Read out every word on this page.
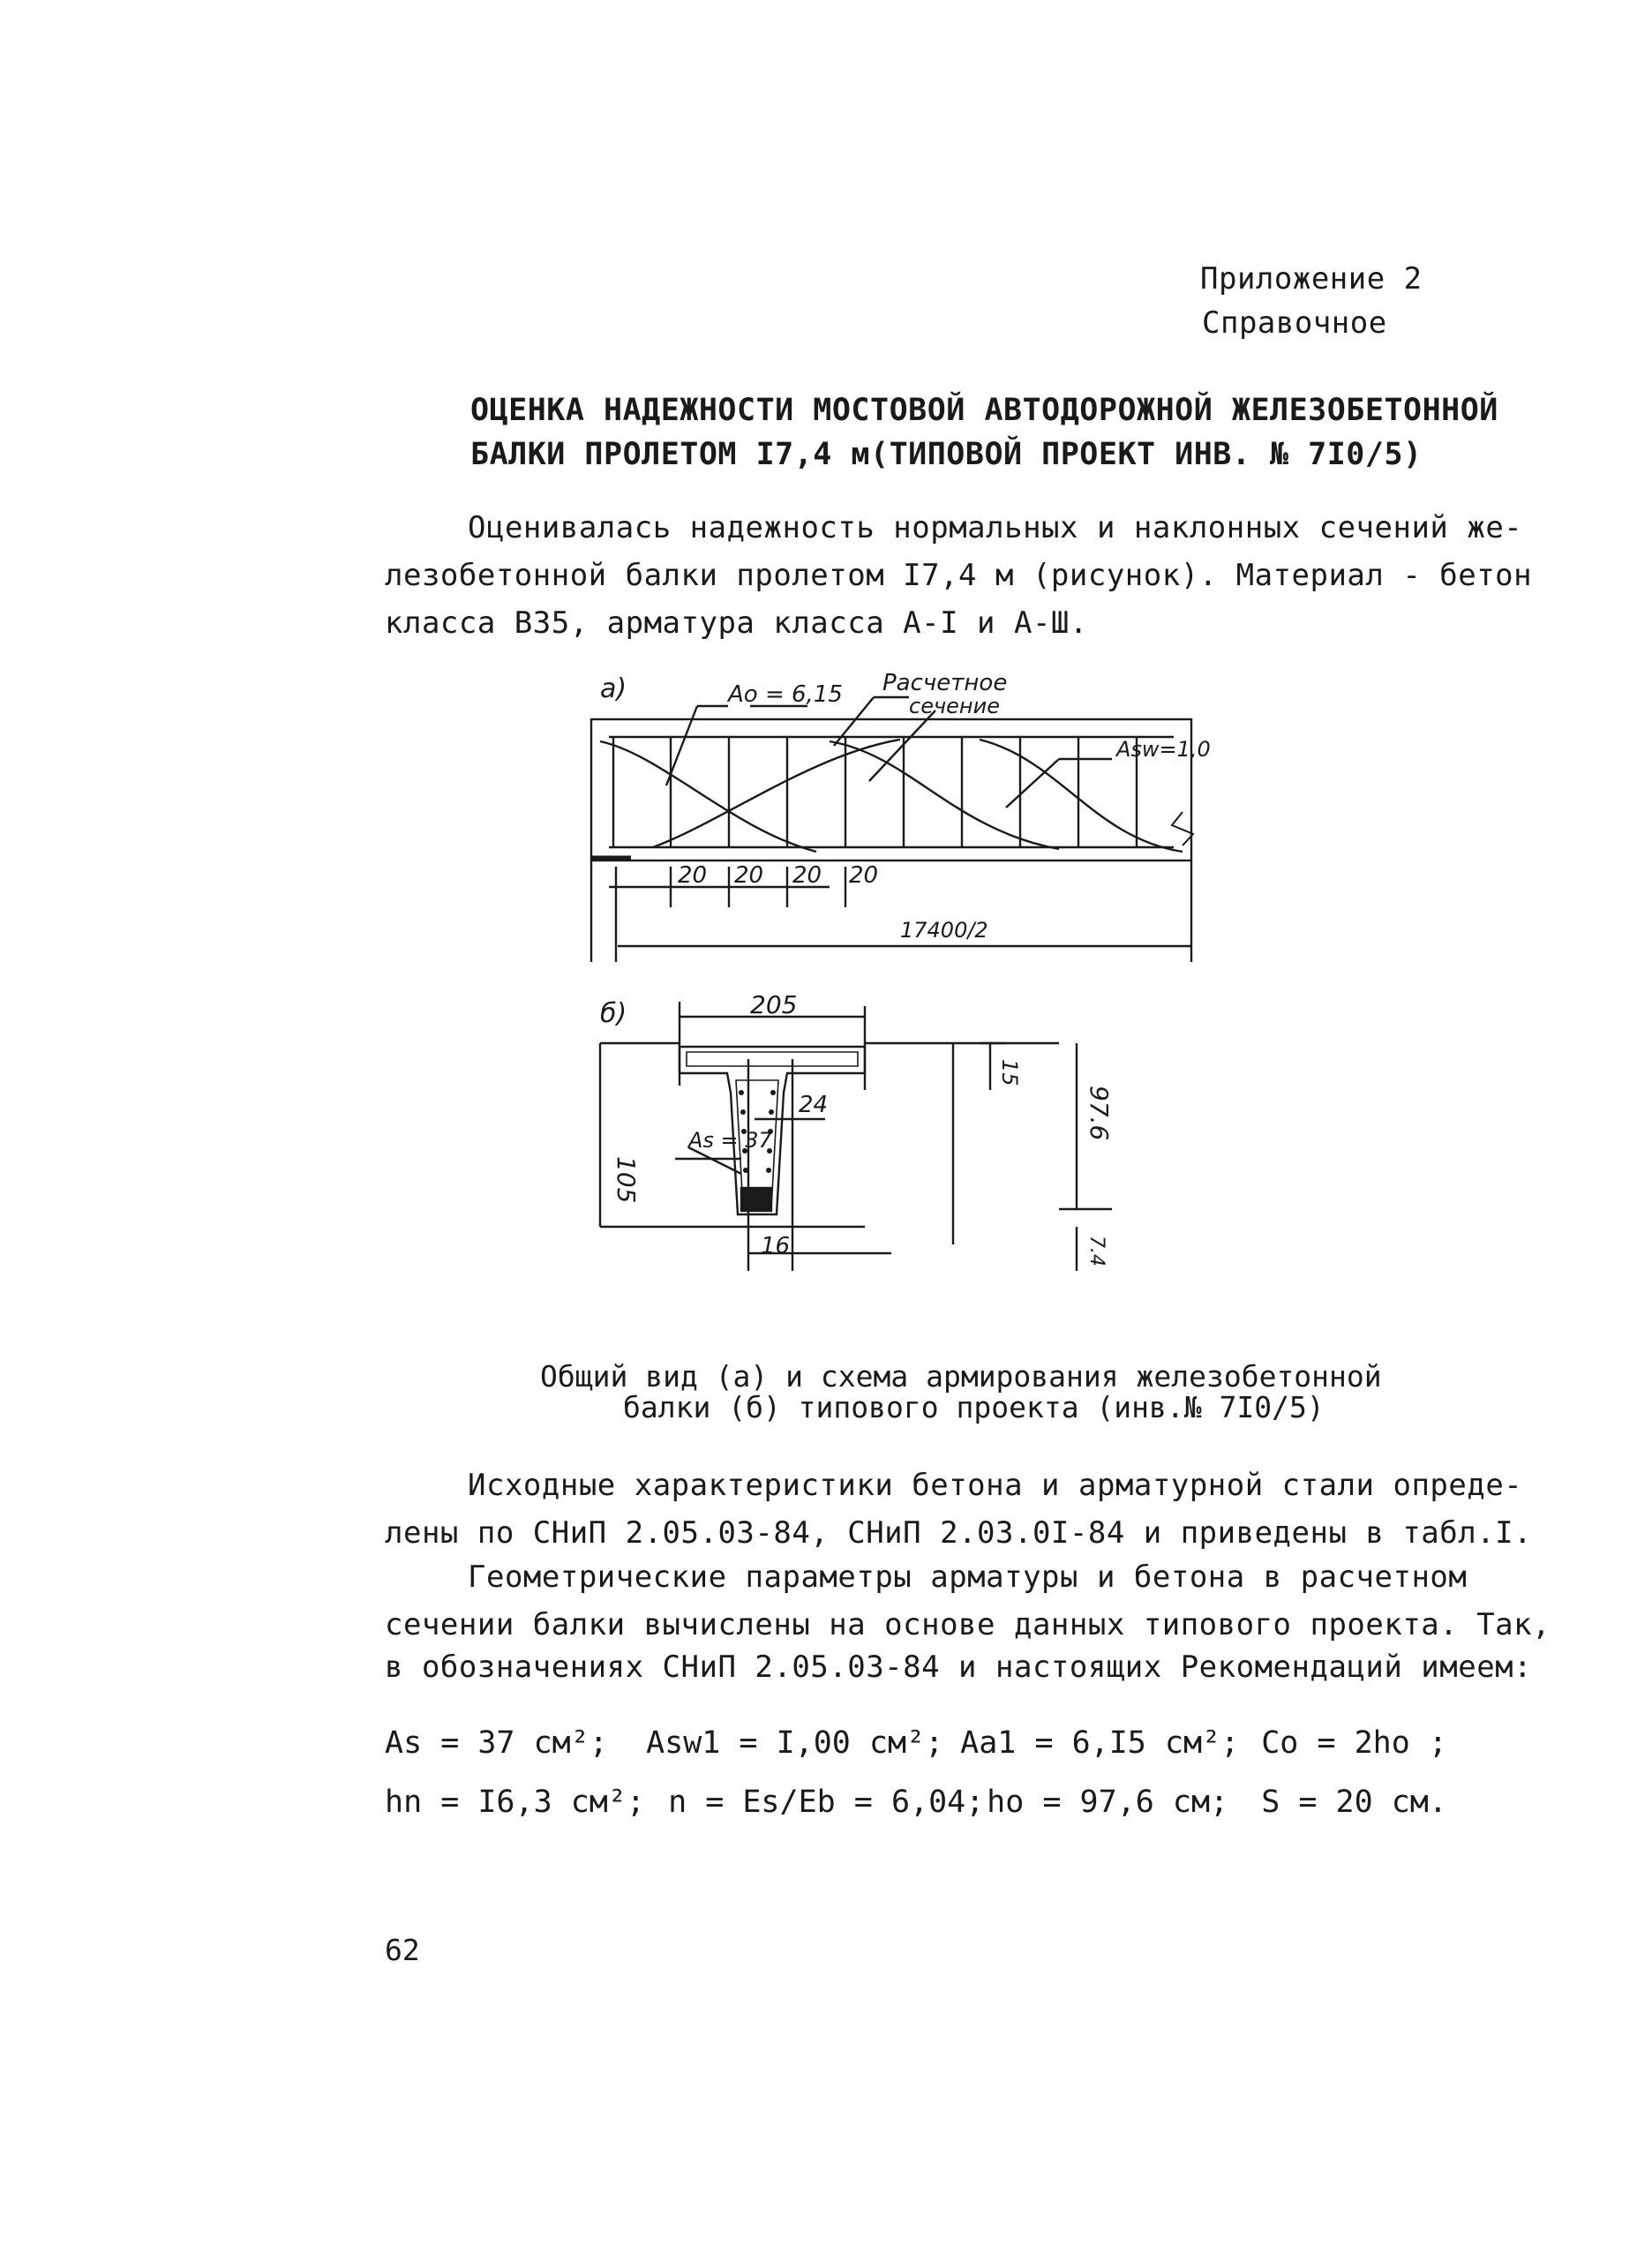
Приложение 2
Справочное
ОЦЕНКА НАДЕЖНОСТИ МОСТОВОЙ АВТОДОРОЖНОЙ ЖЕЛЕЗОБЕТОННОЙ
БАЛКИ ПРОЛЕТОМ I7,4 м(ТИПОВОЙ ПРОЕКТ ИНВ. № 7I0/5)
Оценивалась надежность нормальных и наклонных сечений же-
лезобетонной балки пролетом I7,4 м (рисунок). Материал - бетон
класса В35, арматура класса А-I и А-Ш.
а)	Aо = 6,15 Расчетное
сечение
Asw=1,0
20 20 20 20
17400/2
б)	205
105
15
24	97.6
As = 37
16	7.4
Общий вид (а) и схема армирования железобетонной
балки (б) типового проекта (инв.№ 7I0/5)
Исходные характеристики бетона и арматурной стали опреде-
лены по СНиП 2.05.03-84, СНиП 2.03.0I-84 и приведены в табл.I.
Геометрические параметры арматуры и бетона в расчетном
сечении балки вычислены на основе данных типового проекта. Так,
в обозначениях СНиП 2.05.03-84 и настоящих Рекомендаций имеем:
As = 37 см²; Asw1 = I,00 см²; Aa1 = 6,I5 см²; Co = 2ho ;
hn = I6,3 см²; n = Es/Eb = 6,04; ho = 97,6 см; S = 20 см.
62
